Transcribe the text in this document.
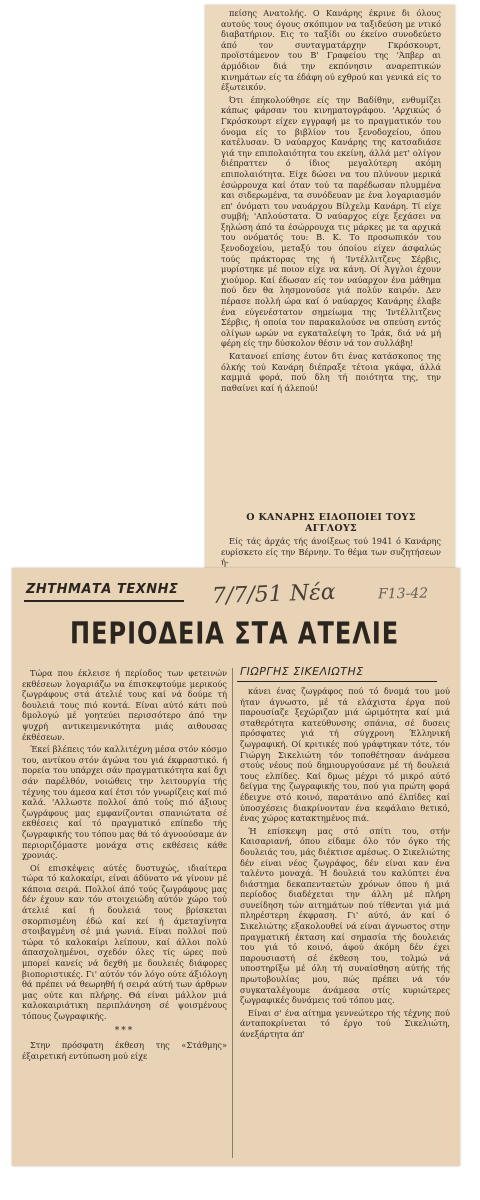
πείσης Ανατολής. Ο Κανάρης έκρινε δι όλους αυτούς τους όγους σκόπιμον να ταξιδεύση με ντικό διαβατήριον. Εις το ταξίδι ου έκείνο συνοδεύετο άπό τον συνταγματάρχην Γκρόσκουρτ, προϊστάμενον του Β' Γραφείου της 'Άπβερ αι άρμόδιον διά την εκπόνησιν αναρεπτικών κινημάτων είς τα έδάφη ού εχθρού και γενικά είς το έξωτεικόν.

Ότι έπηκολούθησε είς την Βαδίθην, ενθυμίζει κάπως φάρσαν του κινηματογράφου. 'Αρχικώς ό Γκρόσκουρτ είχεν εγγραφή με το πραγματικόν του όνομα είς το βιβλίον του ξενοδοχείου, όπου κατέλυσαν. Ό ναύαρχος Κανάρης της κατσαδιάσε γιά την επιπολαιότητα του εκείνη, άλλά μετ' ολίγον διέπραττεν ό ίδιος μεγαλύτερη ακόμη επιπολαιότητα. Είχε δώσει να του πλύνουν μερικά έσώρρουχα καί όταν τού τα παρέδωσαν πλυμμένα και σιδερωμένα, τα συνόδευαν με ένα λογαριασμόν επ' όνόματι του ναυάρχου Βίλχελμ Κανάρη. Τί είχε συμβή; 'Απλούστατα. Ό ναύαρχος είχε ξεχάσει να ξηλώση άπό τα έσώρρουχα τις μάρκες με τα αρχικά του ονόματός του: Β. Κ. Το προσωπικόν του ξενοδοχείου, μεταξύ του όποίου είχεν άσφαλώς τούς πράκτορας της ή 'Ιντέλλιτζενς Σέρβις, μυρίστηκε μέ ποιον είχε να κάνη. Οί Άγγλοι έχουν χιούμορ. Καί έδωσαν είς τον ναύαρχον ένα μάθημα πού δεν θα λησμονούσε γιά πολύν καιρόν. Δεν πέρασε πολλή ώρα καί ό ναύαρχος Κανάρης έλαβε ένα εύγενέστατον σημείωμα της 'Ιντέλλιτζενς Σέρβις, ή οποία τον παρακαλούσε να σπεύση εντός ολίγων ωρών να εγκαταλείψη το Ίράκ, διά νά μή φέρη είς την δύσκολον θέσιν νά τον συλλάβη!

Κατανοεί επίσης έυτον δτι ένας κατάσκοπος της όλκής τού Κανάρη διέπραξε τέτοια γκάφα, άλλά καμμιά φορά, πού δλη τή ποιότητα της, την παθαίνει καί ή άλεπού!

Ο ΚΑΝΑΡΗΣ ΕΙΔΟΠΟΙΕΙ ΤΟΥΣ ΑΓΓΛΟΥΣ

Είς τάς άρχάς τής άνοίξεως τού 1941 ό Κανάρης ευρίσκετο είς την Βέρνην. Το θέμα των συζητήσεων ή-

ΖΗΤΗΜΑΤΑ ΤΕΧΝΗΣ 7/7/51 Νέα	F13-42
ΠΕΡΙΟΔΕΙΑ ΣΤΑ ΑΤΕΛΙΕ
ΓΙΩΡΓΗΣ ΣΙΚΕΛΙΩΤΗΣ

Τώρα που έκλεισε ή περίοδος των φετεινών εκθέσεων λογαριάζω να έπισκεφτούμε μερικούς ζωγράφους στά άτελιέ τους καί νά δούμε τή δουλειά τους πιό κοντά. Είναι αύτό κάτι πού δμολογώ μέ γοητεύει περισσότερο άπό την ψυχρή αντικειμενικότητα μιάς αιθουσας έκθέσεων.

Έκεί βλέπεις τόν καλλιτέχνη μέσα στόν κόσμο του, αντίκου στόν άγώνα του γιά έκφραστικό. ή πορεία του υπάρχει σάν πραγματικότητα καί δχι σάν παρέλθόν, νοιώθεις την λειτουργία τής τέχνης του άμεσα καί έτσι τόν γνωρίζεις καί πιό καλά. 'Αλλωστε πολλοί άπό τούς πιό άξιους ζωγράφους μας εμφανίζονται σπανιώτατα σέ εκθέσεις καί τό πραγματικό επίπεδο τής ζωγραφικής του τόπου μας θά τό άγνοούσαμε άν περιοριζόμαστε μονάχα στις εκθέσεις κάθε χρονιάς.

Οί επισκέψεις αύτές δυστυχώς, ιδιαίτερα τώρα τό καλοκαίρι, είναι άδύνατο νά γίνουν μέ κάποια σειρά. Πολλοί άπό τούς ζωγράφους μας δέν έχουν καν τόν στοιχειώδη αύτόν χώρο τού άτελιέ καί ή δουλειά τους βρίσκεται σκορπισμένη έδώ καί κεί ή άμεταχίνητα στοιβαγμένη σέ μιά γωνιά. Είναι πολλοί πού τώρα τό καλοκαίρι λείπουν, καί άλλοι πολύ άπασχολημένοι, σχεδόν όλες τίς ώρες πού μπορεί κανείς νά δεχθή με δουλειές διάφορες βιοποριστικές. Γι' αύτόν τόν λόγο ούτε άξιόλογη θά πρέπει νά θεωρηθή ή σειρά αύτή των άρθρων μας ούτε και πλήρης. Θά είναι μάλλον μιά καλοκαιριάτικη περιπλάνηση σέ ψοισμένους τόπους ζωγραφικής.

***

Στην πρόσφατη έκθεση της «Στάθμης» έξαιρετική εντύπωση μού είχε

κάνει ένας ζωγράφος πού τό δνομά του μού ήταν άγνωστο, μέ τά ελάχιστα έργα πού παρουσίαζε ξεχώριζαν μιά ώριμότητα καί μιά σταθερότητα κατεύθυνσης σπάνια, σέ δυσεις πρόσφατες γιά τή σύγχρονη Έλληνική ζωγραφική. Οί κριτικές πού γράφτηκαν τότε, τόν Γιώργη Σικελιώτη τόν τοποθέτησαν άνάμεσα στούς νέους πού δημιουργούσανε μέ τή δουλειά τους ελπίδες. Καί δμως μέχρι τό μικρό αύτό δείγμα της ζωγραφικής του, πού για πρώτη φορά έδειχνε στό κοινό, παρατάινο από έλπίδες καί ύποσχέσεις διακρίνονταν ένα κεφάλαιο θετικό, ένας χώρος κατακτημένος πιά.

Ή επίσκεψη μας στό σπίτι του, στήν Καισαριανή, όπου είδαμε όλο τόν όγκο τής δουλειάς του, μάς διέκτισε αμέσως. Ο Σικελιώτης δέν είναι νέος ζωγράφος, δέν είναι καν ένα ταλέντο μοναχά. Ή δουλειά του καλύπτει ένα διάστημα δεκαπενταετών χρόνων όπου ή μιά περίοδος διαδέχεται την άλλη μέ πλήρη συνείδηση τών αιτημάτων πού τίθενται γιά μιά πληρέστερη έκφραση. Γι' αύτό, άν καί ό Σικελιώτης εξακολουθεί νά είναι άγνωστος στην πραγματική έκταση καί σημασία τής δουλειάς του γιά τό κοινό, άφού άκόμη δέν έχει παρουσιαστή σέ έκθεση του, τολμώ νά υποστηρίξω μέ όλη τή συναίσθηση αύτής τής πρωτοβουλίας μου, πώς πρέπει νά τόν συγκαταλέγουμε άνάμεσα στίς κυριώτερες ζωγραφικές δυνάμεις τού τόπου μας.

Είναι σ' ένα αίτημα γεννεώτερο τής τέχνης πού άνταποκρίνεται τό έργο τού Σικελιώτη, άνεξάρτητα άπ'
